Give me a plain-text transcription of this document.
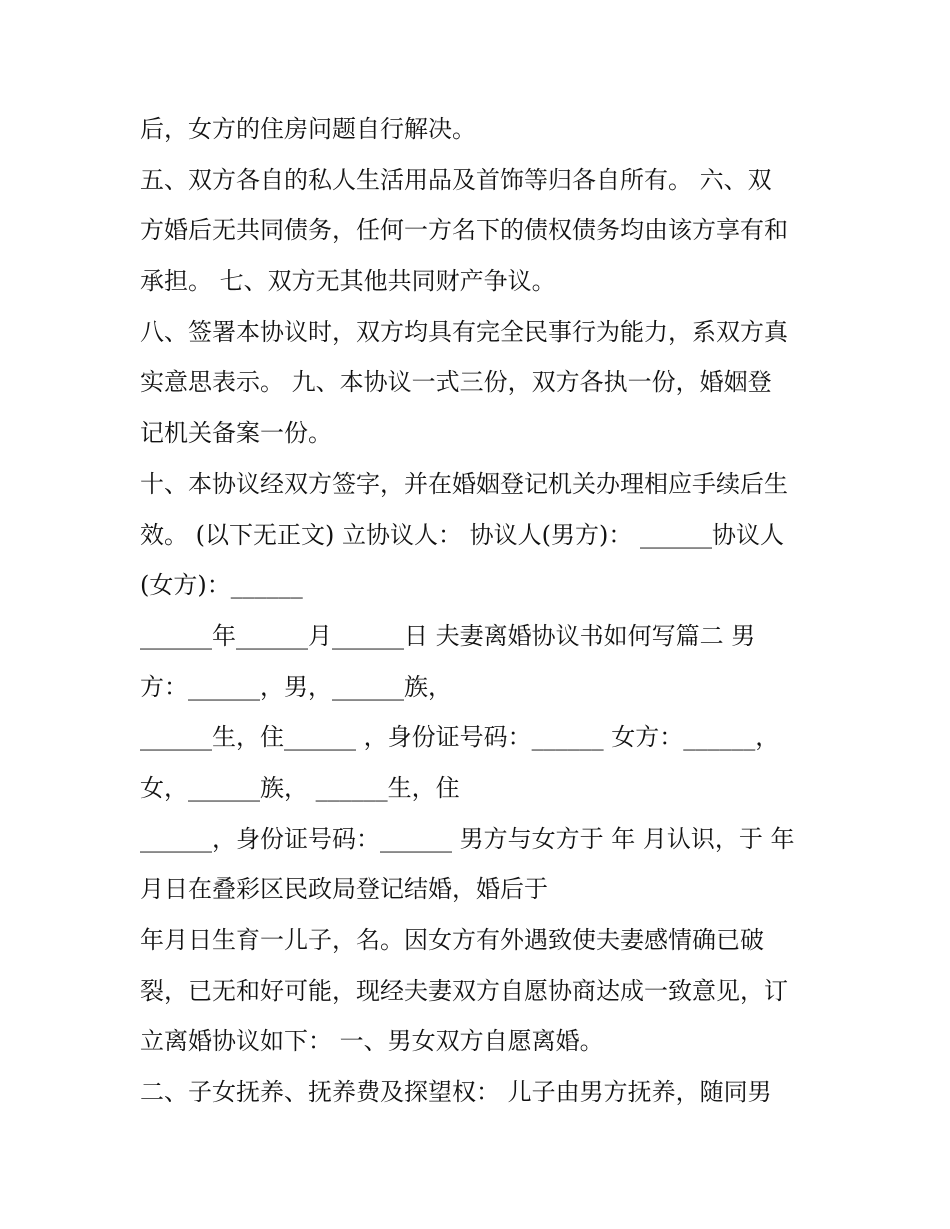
后，女方的住房问题自行解决。
五、双方各自的私人生活用品及首饰等归各自所有。 六、双
方婚后无共同债务，任何一方名下的债权债务均由该方享有和
承担。 七、双方无其他共同财产争议。
八、签署本协议时，双方均具有完全民事行为能力，系双方真
实意思表示。 九、本协议一式三份，双方各执一份，婚姻登
记机关备案一份。
十、本协议经双方签字，并在婚姻登记机关办理相应手续后生
效。 (以下无正文) 立协议人： 协议人(男方)： ______协议人
(女方)：______
______年______月______日 夫妻离婚协议书如何写篇二 男
方：______，男，______族，
______生，住______ ，身份证号码：______ 女方：______，
女，______族， ______生，住
______，身份证号码：______ 男方与女方于 年 月认识，于 年
月日在叠彩区民政局登记结婚，婚后于
年月日生育一儿子，名。因女方有外遇致使夫妻感情确已破
裂，已无和好可能，现经夫妻双方自愿协商达成一致意见，订
立离婚协议如下： 一、男女双方自愿离婚。
二、子女抚养、抚养费及探望权： 儿子由男方抚养，随同男
